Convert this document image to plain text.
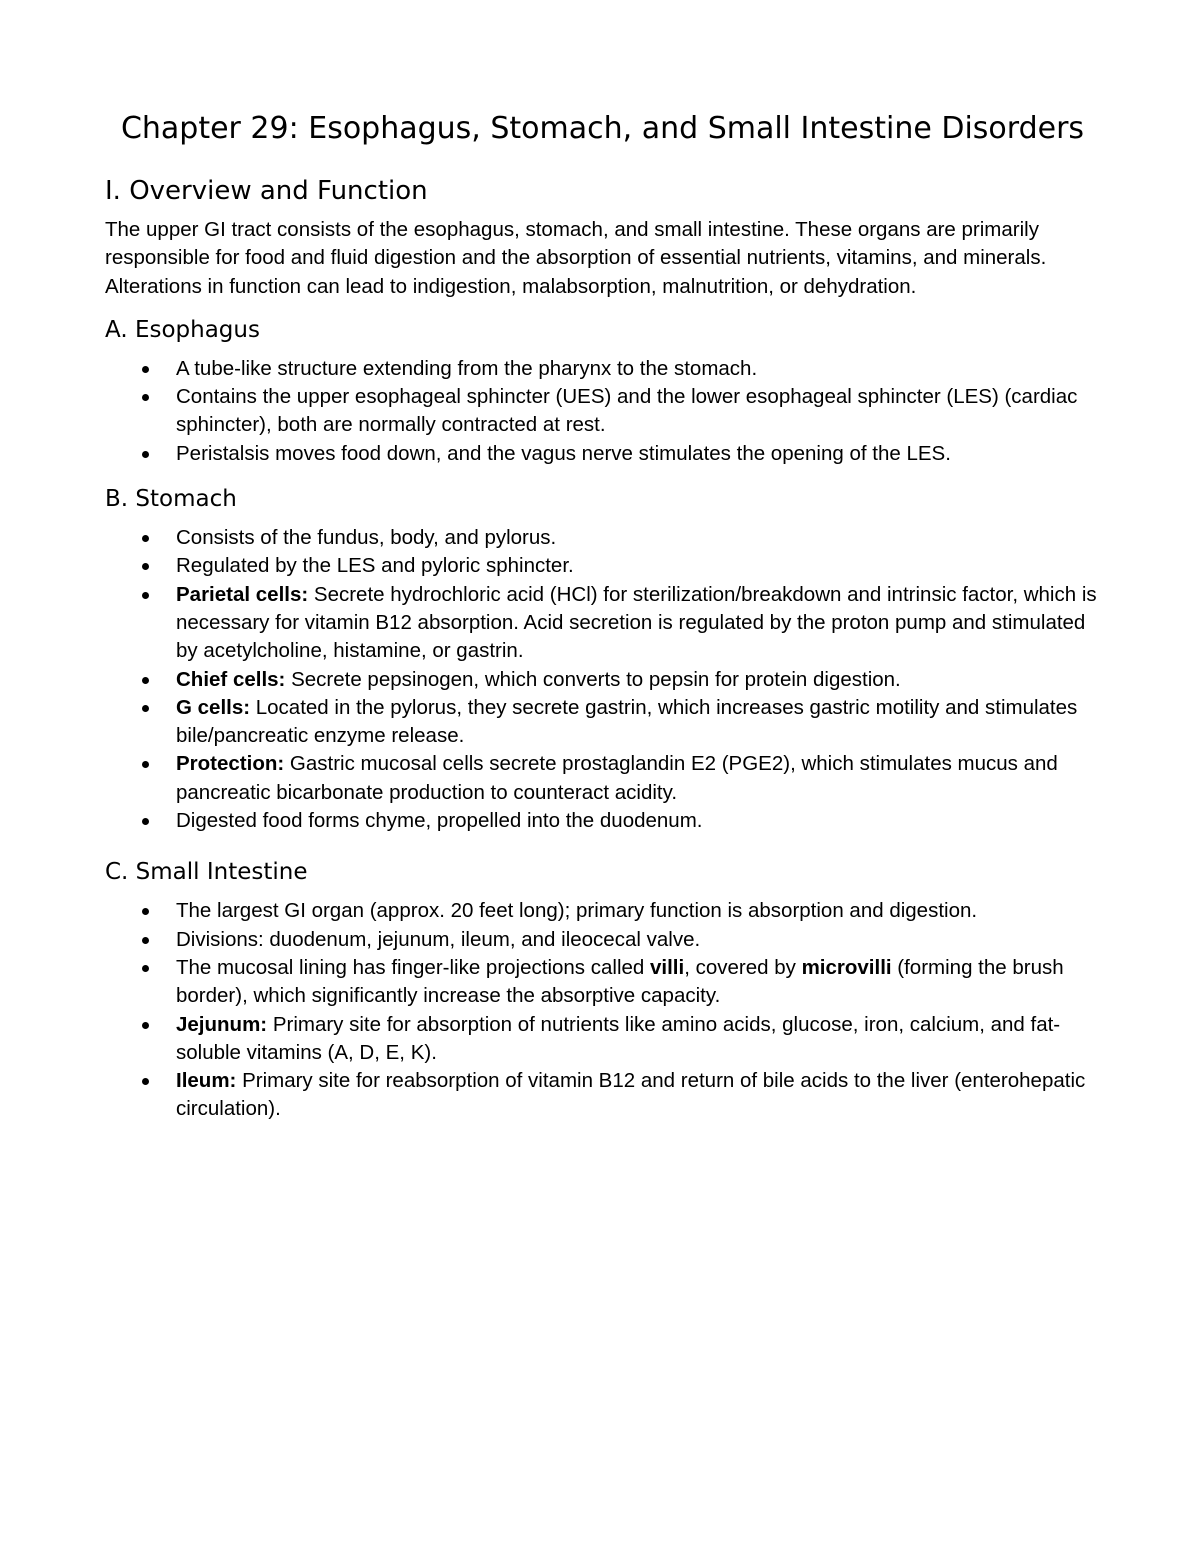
Chapter 29: Esophagus, Stomach, and Small Intestine Disorders
I. Overview and Function

The upper GI tract consists of the esophagus, stomach, and small intestine. These organs are primarily responsible for food and fluid digestion and the absorption of essential nutrients, vitamins, and minerals. Alterations in function can lead to indigestion, malabsorption, malnutrition, or dehydration.

A. Esophagus
A tube-like structure extending from the pharynx to the stomach.
Contains the upper esophageal sphincter (UES) and the lower esophageal sphincter (LES) (cardiac sphincter), both are normally contracted at rest.
Peristalsis moves food down, and the vagus nerve stimulates the opening of the LES.
B. Stomach
Consists of the fundus, body, and pylorus.
Regulated by the LES and pyloric sphincter.
Parietal cells: Secrete hydrochloric acid (HCl) for sterilization/breakdown and intrinsic factor, which is necessary for vitamin B12 absorption. Acid secretion is regulated by the proton pump and stimulated by acetylcholine, histamine, or gastrin.
Chief cells: Secrete pepsinogen, which converts to pepsin for protein digestion.
G cells: Located in the pylorus, they secrete gastrin, which increases gastric motility and stimulates bile/pancreatic enzyme release.
Protection: Gastric mucosal cells secrete prostaglandin E2 (PGE2), which stimulates mucus and pancreatic bicarbonate production to counteract acidity.
Digested food forms chyme, propelled into the duodenum.
C. Small Intestine
The largest GI organ (approx. 20 feet long); primary function is absorption and digestion.
Divisions: duodenum, jejunum, ileum, and ileocecal valve.
The mucosal lining has finger-like projections called villi, covered by microvilli (forming the brush border), which significantly increase the absorptive capacity.
Jejunum: Primary site for absorption of nutrients like amino acids, glucose, iron, calcium, and fat-soluble vitamins (A, D, E, K).
Ileum: Primary site for reabsorption of vitamin B12 and return of bile acids to the liver (enterohepatic circulation).
